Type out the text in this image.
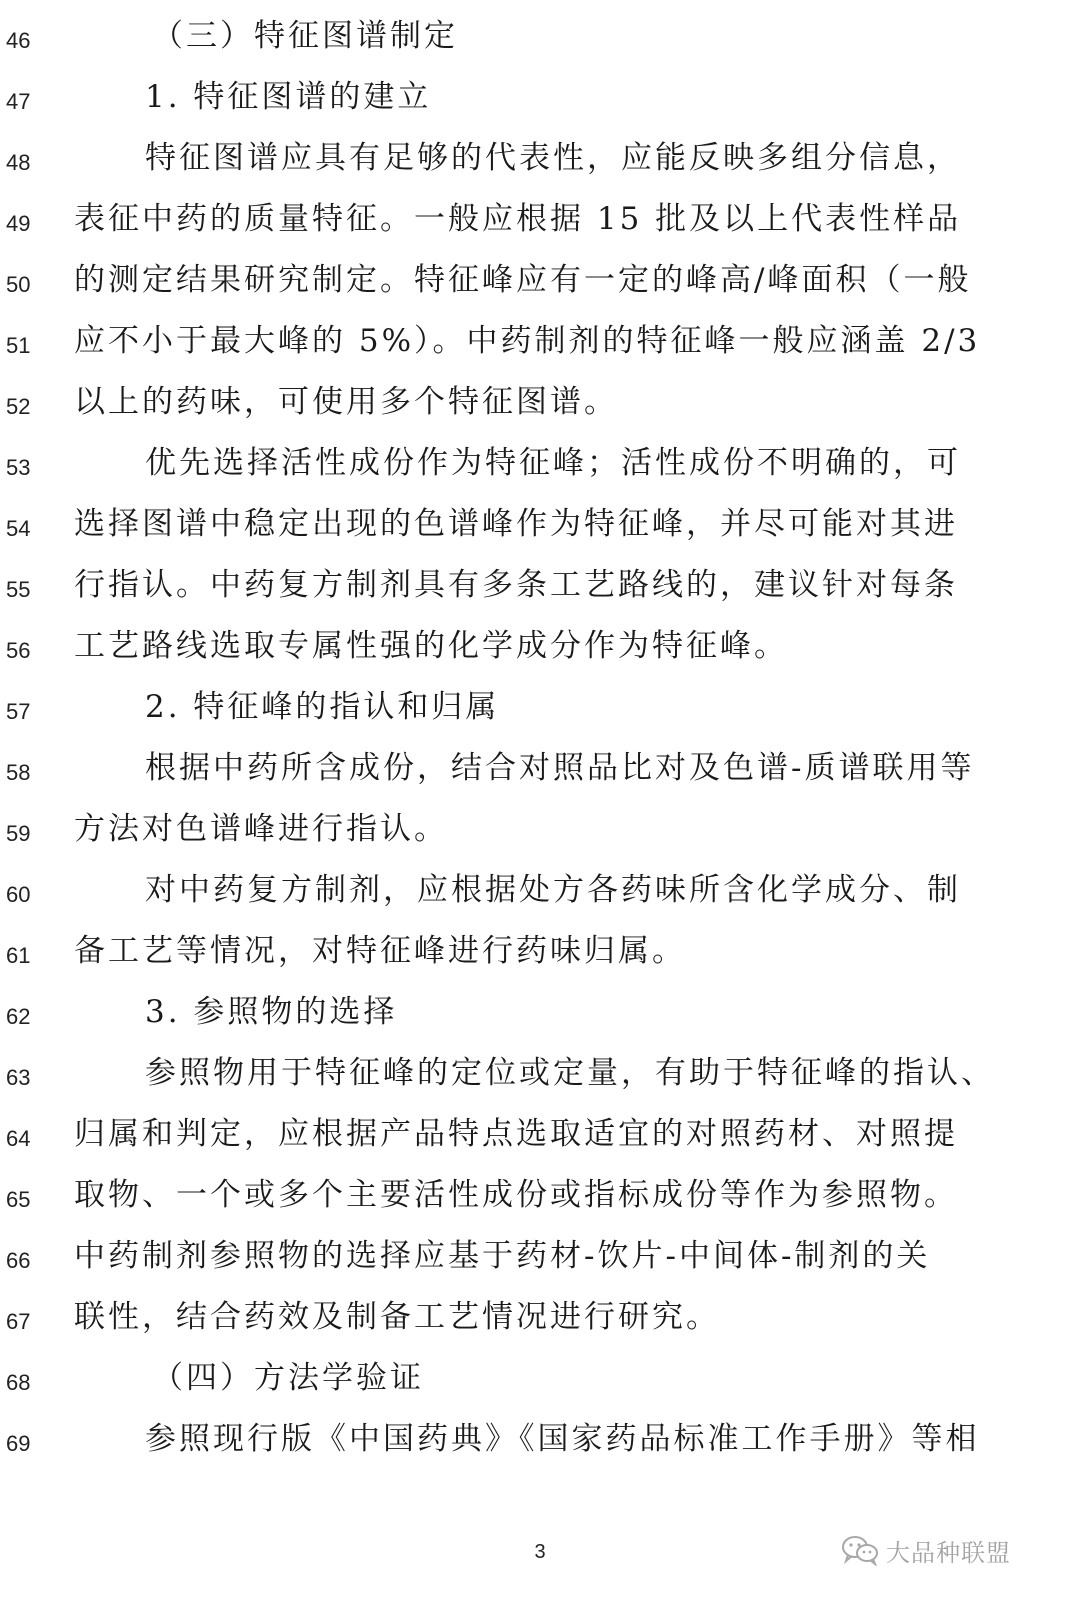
46	（三）特征图谱制定
47	1. 特征图谱的建立
48	特征图谱应具有足够的代表性，应能反映多组分信息，
49	表征中药的质量特征。一般应根据 15 批及以上代表性样品
50	的测定结果研究制定。特征峰应有一定的峰高/峰面积（一般
51	应不小于最大峰的 5%）。中药制剂的特征峰一般应涵盖 2/3
52	以上的药味，可使用多个特征图谱。
53	优先选择活性成份作为特征峰；活性成份不明确的，可
54	选择图谱中稳定出现的色谱峰作为特征峰，并尽可能对其进
55	行指认。中药复方制剂具有多条工艺路线的，建议针对每条
56	工艺路线选取专属性强的化学成分作为特征峰。
57	2. 特征峰的指认和归属
58	根据中药所含成份，结合对照品比对及色谱-质谱联用等
59	方法对色谱峰进行指认。
60	对中药复方制剂，应根据处方各药味所含化学成分、制
61	备工艺等情况，对特征峰进行药味归属。
62	3. 参照物的选择
63	参照物用于特征峰的定位或定量，有助于特征峰的指认、
64	归属和判定，应根据产品特点选取适宜的对照药材、对照提
65	取物、一个或多个主要活性成份或指标成份等作为参照物。
66	中药制剂参照物的选择应基于药材-饮片-中间体-制剂的关
67	联性，结合药效及制备工艺情况进行研究。
68	（四）方法学验证
69	参照现行版《中国药典》《国家药品标准工作手册》等相
3	大品种联盟
